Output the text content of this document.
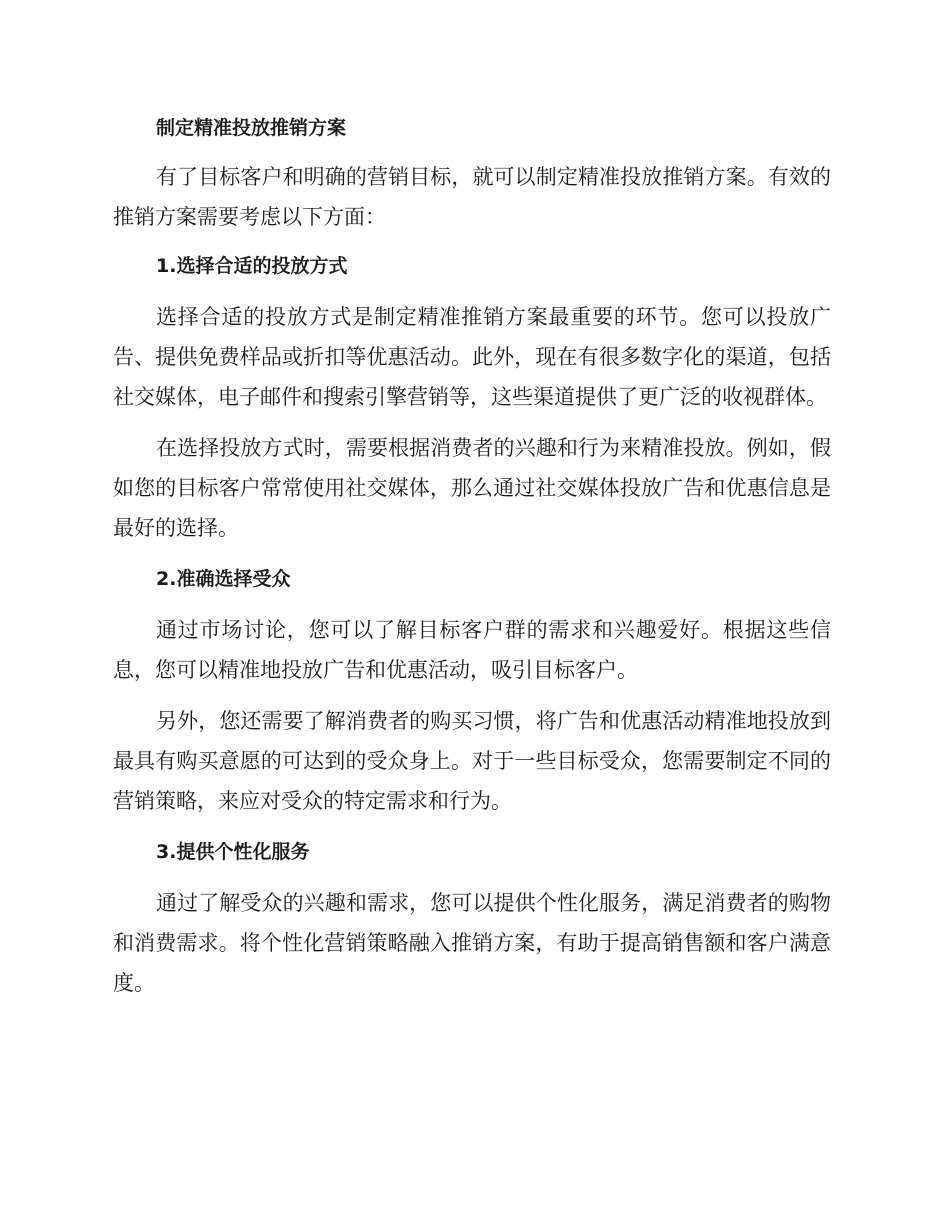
制定精准投放推销方案

有了目标客户和明确的营销目标，就可以制定精准投放推销方案。有效的推销方案需要考虑以下方面：

1.选择合适的投放方式

选择合适的投放方式是制定精准推销方案最重要的环节。您可以投放广告、提供免费样品或折扣等优惠活动。此外，现在有很多数字化的渠道，包括社交媒体，电子邮件和搜索引擎营销等，这些渠道提供了更广泛的收视群体。

在选择投放方式时，需要根据消费者的兴趣和行为来精准投放。例如，假如您的目标客户常常使用社交媒体，那么通过社交媒体投放广告和优惠信息是最好的选择。

2.准确选择受众

通过市场讨论，您可以了解目标客户群的需求和兴趣爱好。根据这些信息，您可以精准地投放广告和优惠活动，吸引目标客户。

另外，您还需要了解消费者的购买习惯，将广告和优惠活动精准地投放到最具有购买意愿的可达到的受众身上。对于一些目标受众，您需要制定不同的营销策略，来应对受众的特定需求和行为。

3.提供个性化服务

通过了解受众的兴趣和需求，您可以提供个性化服务，满足消费者的购物和消费需求。将个性化营销策略融入推销方案，有助于提高销售额和客户满意度。
